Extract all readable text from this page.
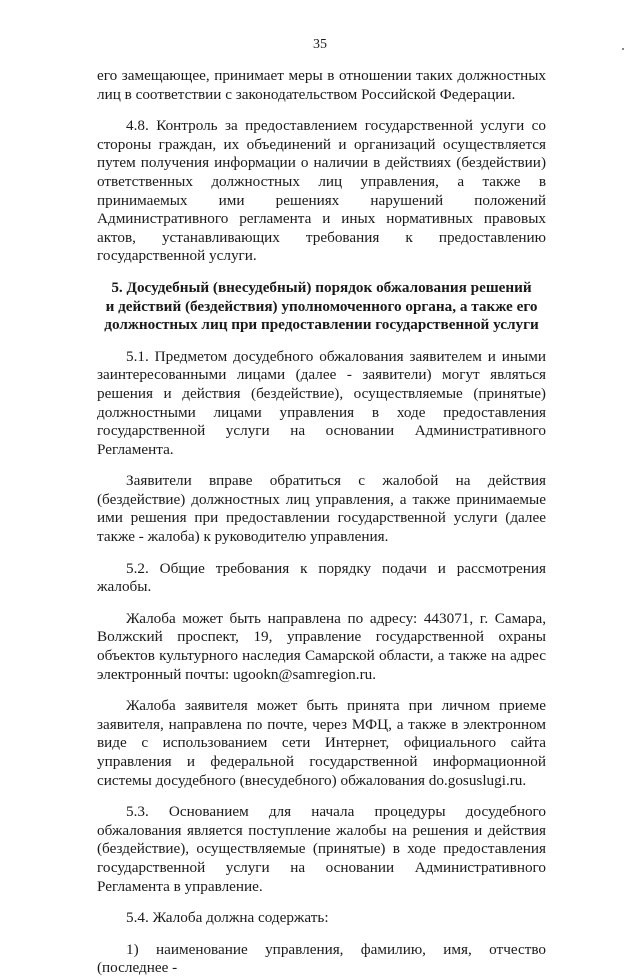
35

его замещающее, принимает меры в отношении таких должностных лиц в соответствии с законодательством Российской Федерации.

4.8. Контроль за предоставлением государственной услуги со стороны граждан, их объединений и организаций осуществляется путем получения информации о наличии в действиях (бездействии) ответственных должностных лиц управления, а также в принимаемых ими решениях нарушений положений Административного регламента и иных нормативных правовых актов, устанавливающих требования к предоставлению государственной услуги.

5. Досудебный (внесудебный) порядок обжалования решений
и действий (бездействия) уполномоченного органа, а также его
должностных лиц при предоставлении государственной услуги

5.1. Предметом досудебного обжалования заявителем и иными заинтересованными лицами (далее - заявители) могут являться решения и действия (бездействие), осуществляемые (принятые) должностными лицами управления в ходе предоставления государственной услуги на основании Административного Регламента.

Заявители вправе обратиться с жалобой на действия (бездействие) должностных лиц управления, а также принимаемые ими решения при предоставлении государственной услуги (далее также - жалоба) к руководителю управления.

5.2. Общие требования к порядку подачи и рассмотрения жалобы.

Жалоба может быть направлена по адресу: 443071, г. Самара, Волжский проспект, 19, управление государственной охраны объектов культурного наследия Самарской области, а также на адрес электронный почты: ugookn@samregion.ru.

Жалоба заявителя может быть принята при личном приеме заявителя, направлена по почте, через МФЦ, а также в электронном виде с использованием сети Интернет, официального сайта управления и федеральной государственной информационной системы досудебного (внесудебного) обжалования do.gosuslugi.ru.

5.3. Основанием для начала процедуры досудебного обжалования является поступление жалобы на решения и действия (бездействие), осуществляемые (принятые) в ходе предоставления государственной услуги на основании Административного Регламента в управление.

5.4. Жалоба должна содержать:

1) наименование управления, фамилию, имя, отчество (последнее -
